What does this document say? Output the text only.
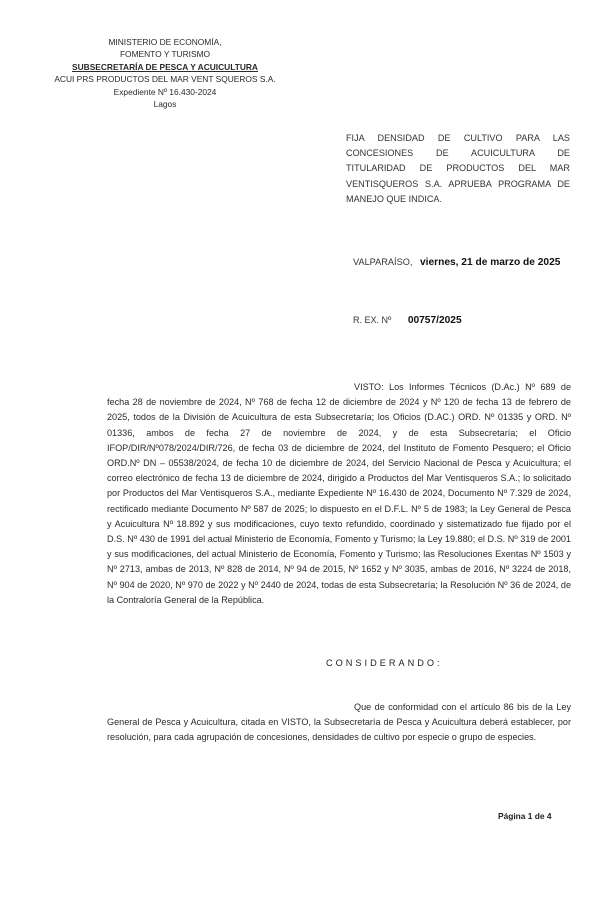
MINISTERIO DE ECONOMÍA,
FOMENTO Y TURISMO
SUBSECRETARÍA DE PESCA Y ACUICULTURA
ACUI PRS PRODUCTOS DEL MAR VENT SQUEROS S.A.
Expediente Nº 16.430-2024
Lagos
FIJA DENSIDAD DE CULTIVO PARA LAS CONCESIONES DE ACUICULTURA DE TITULARIDAD DE PRODUCTOS DEL MAR VENTISQUEROS S.A. APRUEBA PROGRAMA DE MANEJO QUE INDICA.
VALPARAÍSO, viernes, 21 de marzo de 2025
R. EX. Nº 00757/2025
VISTO: Los Informes Técnicos (D.Ac.) Nº 689 de fecha 28 de noviembre de 2024, Nº 768 de fecha 12 de diciembre de 2024 y Nº 120 de fecha 13 de febrero de 2025, todos de la División de Acuicultura de esta Subsecretaría; los Oficios (D.AC.) ORD. Nº 01335 y ORD. Nº 01336, ambos de fecha 27 de noviembre de 2024, y de esta Subsecretaría; el Oficio IFOP/DIR/Nº078/2024/DIR/726, de fecha 03 de diciembre de 2024, del Instituto de Fomento Pesquero; el Oficio ORD.Nº DN – 05538/2024, de fecha 10 de diciembre de 2024, del Servicio Nacional de Pesca y Acuicultura; el correo electrónico de fecha 13 de diciembre de 2024, dirigido a Productos del Mar Ventisqueros S.A.; lo solicitado por Productos del Mar Ventisqueros S.A., mediante Expediente Nº 16.430 de 2024, Documento Nº 7.329 de 2024, rectificado mediante Documento Nº 587 de 2025; lo dispuesto en el D.F.L. Nº 5 de 1983; la Ley General de Pesca y Acuicultura Nº 18.892 y sus modificaciones, cuyo texto refundido, coordinado y sistematizado fue fijado por el D.S. Nº 430 de 1991 del actual Ministerio de Economía, Fomento y Turismo; la Ley 19.880; el D.S. Nº 319 de 2001 y sus modificaciones, del actual Ministerio de Economía, Fomento y Turismo; las Resoluciones Exentas Nº 1503 y Nº 2713, ambas de 2013, Nº 828 de 2014, Nº 94 de 2015, Nº 1652 y Nº 3035, ambas de 2016, Nº 3224 de 2018, Nº 904 de 2020, Nº 970 de 2022 y Nº 2440 de 2024, todas de esta Subsecretaría; la Resolución Nº 36 de 2024, de la Contraloría General de la República.
CONSIDERANDO:
Que de conformidad con el artículo 86 bis de la Ley General de Pesca y Acuicultura, citada en VISTO, la Subsecretaría de Pesca y Acuicultura deberá establecer, por resolución, para cada agrupación de concesiones, densidades de cultivo por especie o grupo de especies.
Página 1 de 4
